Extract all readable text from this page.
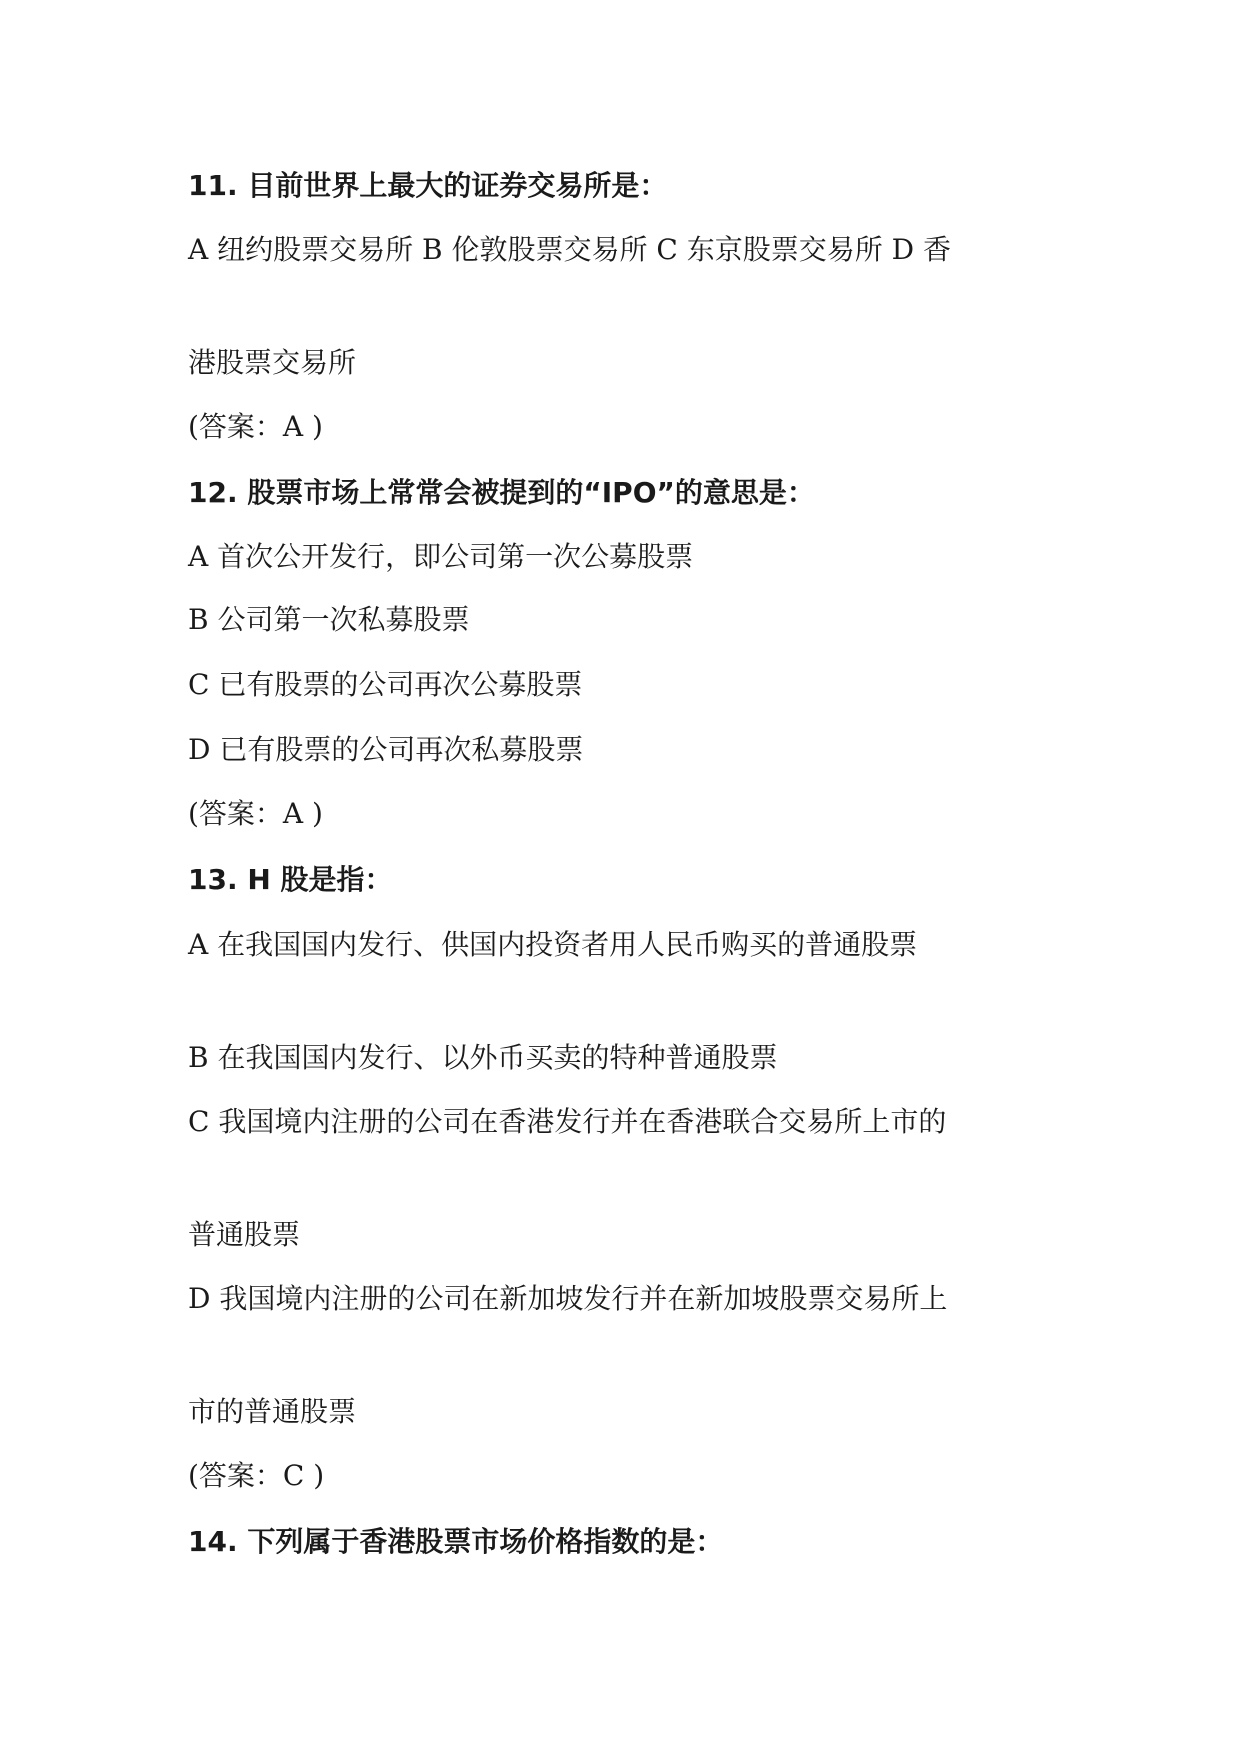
11. 目前世界上最大的证券交易所是：
A 纽约股票交易所 B 伦敦股票交易所 C 东京股票交易所 D 香
港股票交易所
(答案：A )
12. 股票市场上常常会被提到的“IPO”的意思是：
A 首次公开发行，即公司第一次公募股票
B 公司第一次私募股票
C 已有股票的公司再次公募股票
D 已有股票的公司再次私募股票
(答案：A )
13. H 股是指：
A 在我国国内发行、供国内投资者用人民币购买的普通股票
B 在我国国内发行、以外币买卖的特种普通股票
C 我国境内注册的公司在香港发行并在香港联合交易所上市的
普通股票
D 我国境内注册的公司在新加坡发行并在新加坡股票交易所上
市的普通股票
(答案：C )
14. 下列属于香港股票市场价格指数的是：
